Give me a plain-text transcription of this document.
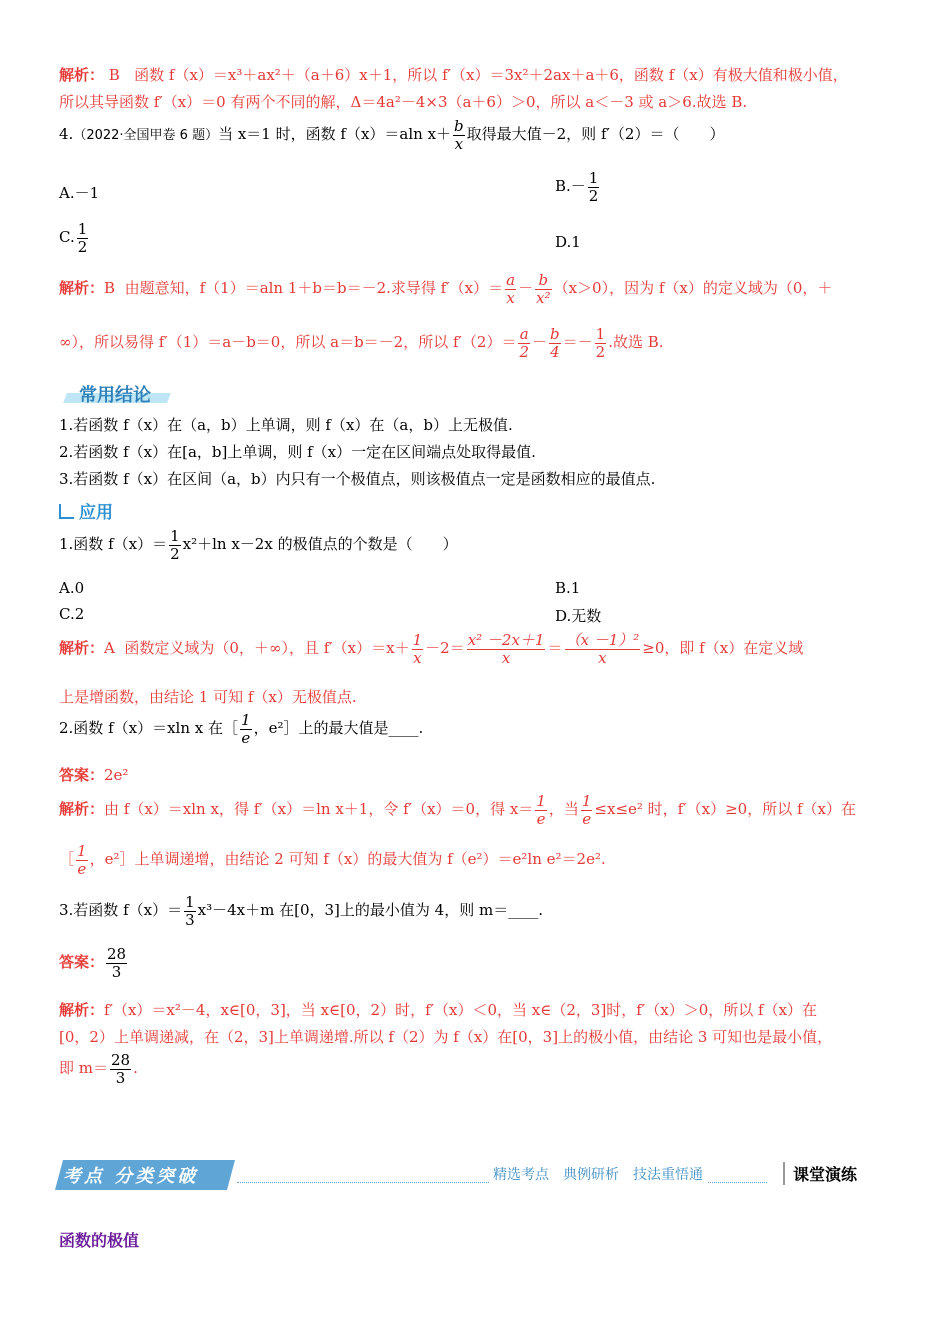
解析： B 函数 f（x）＝x³＋ax²＋（a＋6）x＋1，所以 f′（x）＝3x²＋2ax＋a＋6，函数 f（x）有极大值和极小值，
所以其导函数 f′（x）＝0 有两个不同的解，Δ＝4a²－4×3（a＋6）＞0，所以 a＜－3 或 a＞6.故选 B.
4.（2022·全国甲卷 6 题）当 x＝1 时，函数 f（x）＝aln $x+ \frac{b}{x}$ 取得最大值－2，则 f′（2）＝（　　）
A.－1	$B.- \frac{1}{2}$
C. $\frac{1}{2}$	D.1
解析：B 由题意知，f（1）＝aln 1＋b＝b＝－2.求导得 $f'(x)= \frac{a}{x} - \frac{b}{\text{x²}} (x>0)$，因为 f（x）的定义域为（0，＋
∞），所以易得 f′（1）＝a－b＝0，所以 a＝b＝－2，所以 $f'(2)= \frac{a}{2} - \frac{b}{4} =- \frac{1}{2}$ .故选 B.
常用结论
1.若函数 f（x）在（a，b）上单调，则 f（x）在（a，b）上无极值.
2.若函数 f（x）在[a，b]上单调，则 f（x）一定在区间端点处取得最值.
3.若函数 f（x）在区间（a，b）内只有一个极值点，则该极值点一定是函数相应的最值点.
应用
1.函数 $f(x)= \frac{1}{2} x^2+\ln$ x－2x 的极值点的个数是（　　）
A.0	B.1
C.2	D.无数
解析：A 函数定义域为（0，＋∞），且 $f'(x)=x+ \frac{1}{x} -2= \frac{\text{x² －2x＋1}}{x} = \frac{\text{（x －1）²}}{x} \ge 0$，即 f（x）在定义域
上是增函数，由结论 1 可知 f（x）无极值点.
2.函数 f（x）＝xln x 在［ $\frac{1}{e}$ ，e²］上的最大值是____.
答案：2e²
解析：由 f（x）＝xln x，得 f′（x）＝ln x＋1，令 f′（x）＝0，得 $x= \frac{1}{e}$ ，当 $\frac{1}{e} \le x\le e^2$ 时，f′（x）≥0，所以 f（x）在
［ $\frac{1}{e}$ ，e²］上单调递增，由结论 2 可知 f（x）的最大值为 f（e²）＝e²ln e²＝2e².
3.若函数 $f(x)= \frac{1}{3} x^3-4x+m$ 在[0，3]上的最小值为 4，则 m＝____.
答案： $\frac{28}{3}$
解析：f′（x）＝x²－4，x∈[0，3]，当 x∈[0，2）时，f′（x）＜0，当 x∈（2，3]时，f′（x）＞0，所以 f（x）在
[0，2）上单调递减，在（2，3]上单调递增.所以 f（2）为 f（x）在[0，3]上的极小值，由结论 3 可知也是最小值，
即 $m= \frac{28}{3}$ .
考点 分类突破	精选考点　典例研析　技法重悟通	课堂演练
函数的极值
